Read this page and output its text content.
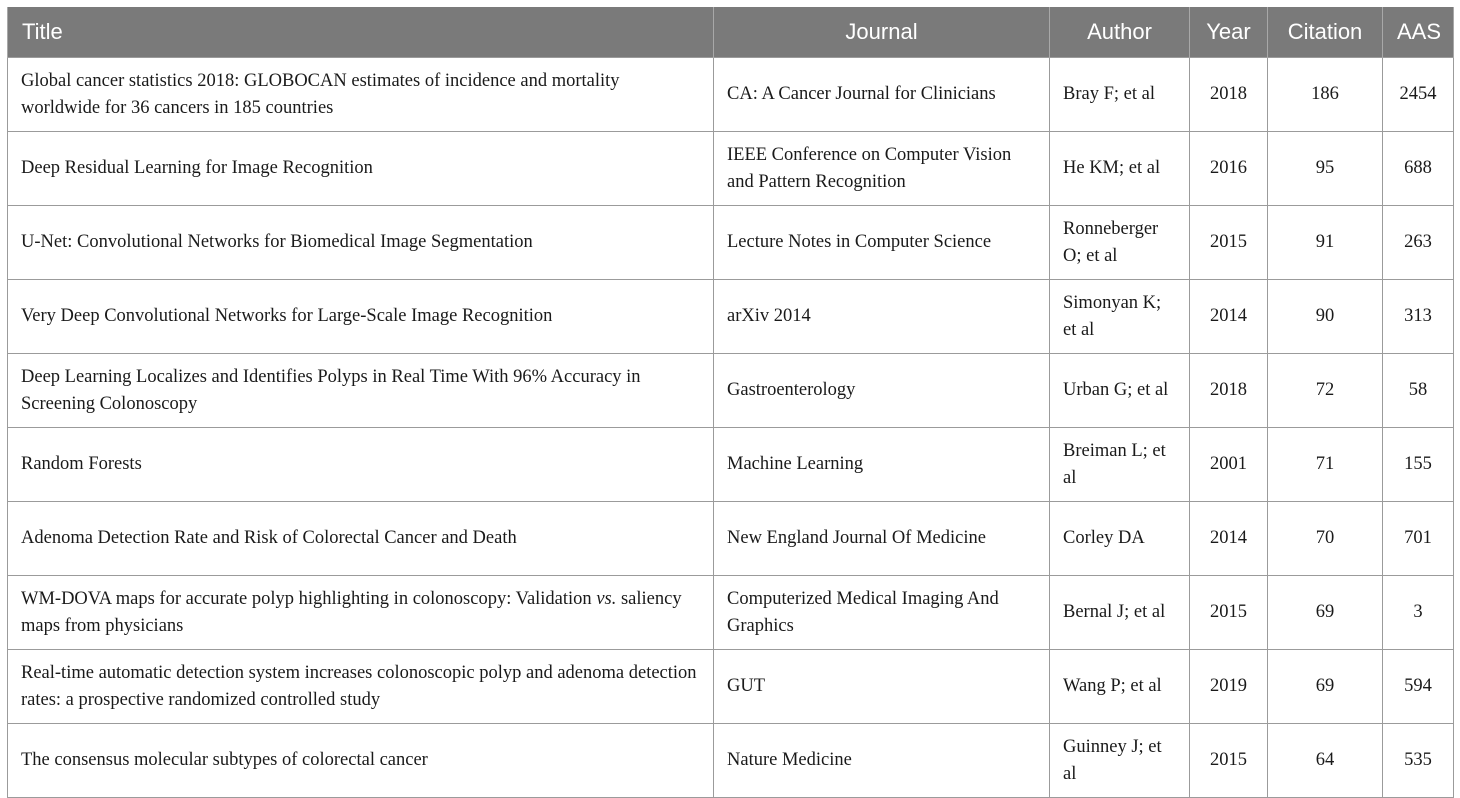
Title	Journal	Author	Year	Citation	AAS
Global cancer statistics 2018: GLOBOCAN estimates of incidence and mortality worldwide for 36 cancers in 185 countries	CA: A Cancer Journal for Clinicians	Bray F; et al	2018	186	2454
Deep Residual Learning for Image Recognition	IEEE Conference on Computer Vision and Pattern Recognition	He KM; et al	2016	95	688
U-Net: Convolutional Networks for Biomedical Image Segmentation	Lecture Notes in Computer Science	Ronneberger O; et al	2015	91	263
Very Deep Convolutional Networks for Large-Scale Image Recognition	arXiv 2014	Simonyan K; et al	2014	90	313
Deep Learning Localizes and Identifies Polyps in Real Time With 96% Accuracy in Screening Colonoscopy	Gastroenterology	Urban G; et al	2018	72	58
Random Forests	Machine Learning	Breiman L; et al	2001	71	155
Adenoma Detection Rate and Risk of Colorectal Cancer and Death	New England Journal Of Medicine	Corley DA	2014	70	701
WM-DOVA maps for accurate polyp highlighting in colonoscopy: Validation vs. saliency maps from physicians	Computerized Medical Imaging And Graphics	Bernal J; et al	2015	69	3
Real-time automatic detection system increases colonoscopic polyp and adenoma detection rates: a prospective randomized controlled study	GUT	Wang P; et al	2019	69	594
The consensus molecular subtypes of colorectal cancer	Nature Medicine	Guinney J; et al	2015	64	535
